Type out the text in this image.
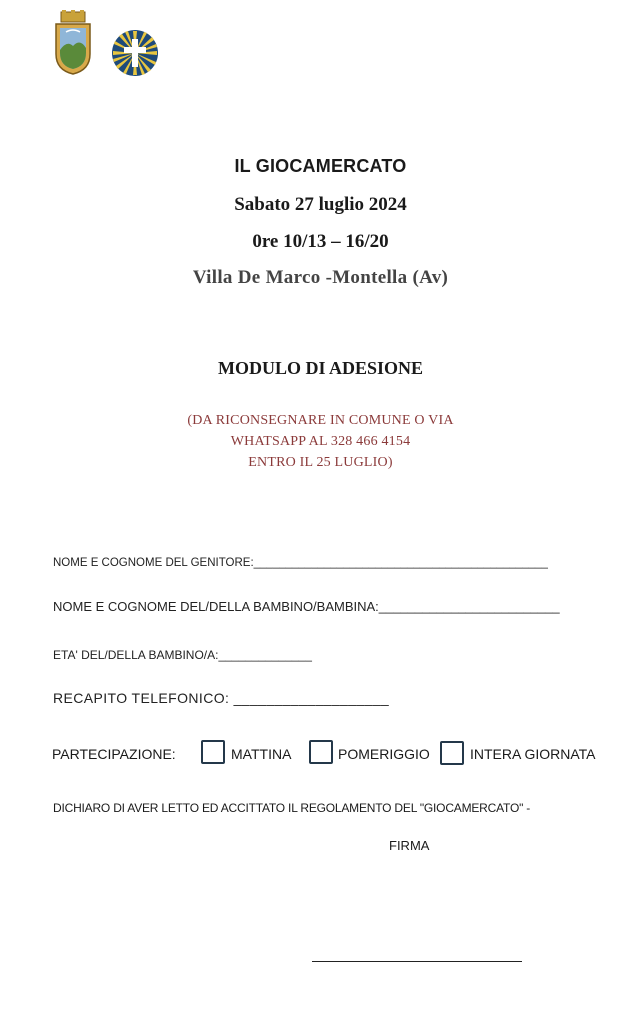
IL GIOCAMERCATO
Sabato 27 luglio 2024
0re 10/13 – 16/20
Villa De Marco -Montella (Av)
MODULO DI ADESIONE
(DA RICONSEGNARE IN COMUNE O VIA
WHATSAPP AL 328 466 4154
ENTRO IL 25 LUGLIO)
NOME E COGNOME DEL GENITORE:______________________________________________
NOME E COGNOME DEL/DELLA BAMBINO/BAMBINA:_________________________
ETA' DEL/DELLA BAMBINO/A:______________
RECAPITO TELEFONICO: ___________________
PARTECIPAZIONE:	MATTINA	POMERIGGIO	INTERA GIORNATA
DICHIARO DI AVER LETTO ED ACCITTATO IL REGOLAMENTO DEL "GIOCAMERCATO" -
FIRMA
